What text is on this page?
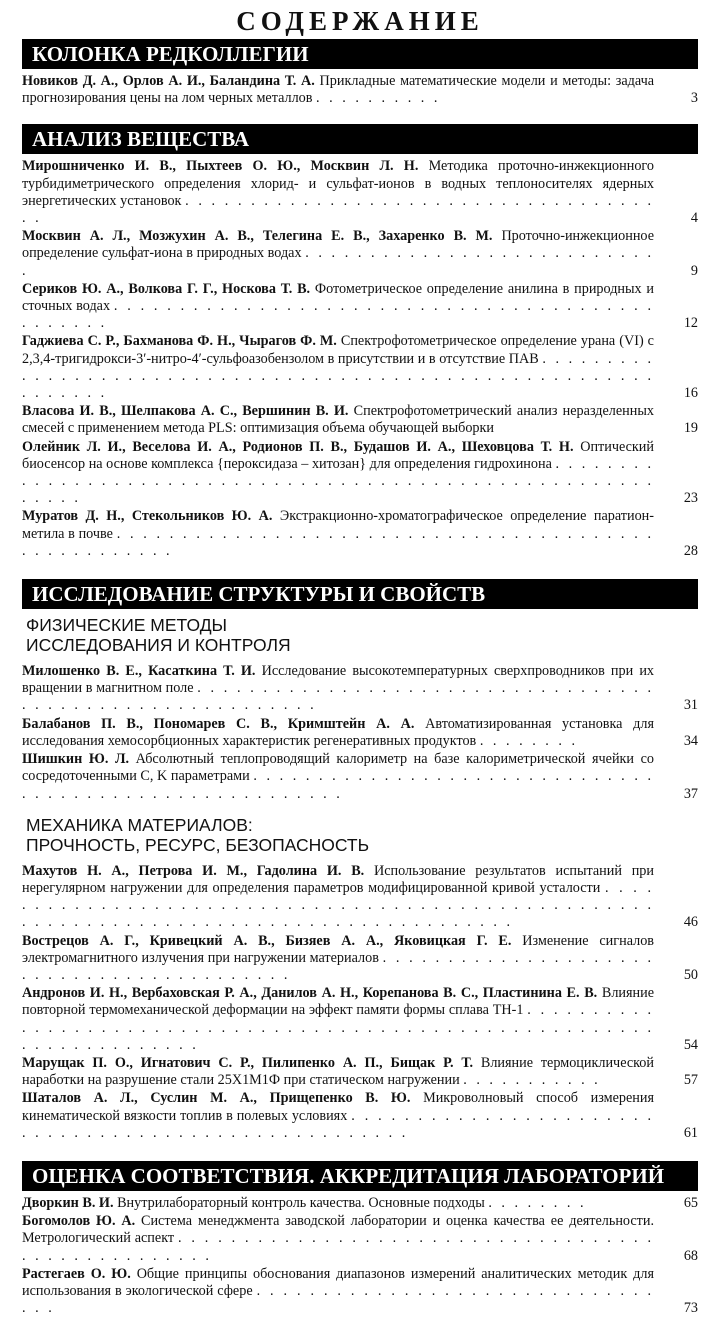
СОДЕРЖАНИЕ
КОЛОНКА РЕДКОЛЛЕГИИ
Новиков Д. А., Орлов А. И., Баландина Т. А. Прикладные математические модели и методы: задача прогнозирования цены на лом черных металлов . . . . . . . . . .	3
АНАЛИЗ ВЕЩЕСТВА
Мирошниченко И. В., Пыхтеев О. Ю., Москвин Л. Н. Методика проточно-инжекционного турбидиметрического определения хлорид- и сульфат-ионов в водных теплоносителях ядерных энергетических установок . . . . . . . . . . . . . . . . . . . . . . . . . . . . . . . . . . . . . .	4
Москвин А. Л., Мозжухин А. В., Телегина Е. В., Захаренко В. М. Проточно-инжекционное определение сульфат-иона в природных водах . . . . . . . . . . . . . . . . . . . . . . . . . . . .	9
Сериков Ю. А., Волкова Г. Г., Носкова Т. В. Фотометрическое определение анилина в природных и сточных водах . . . . . . . . . . . . . . . . . . . . . . . . . . . . . . . . . . . . . . . . . . . . . . . .	12
Гаджиева С. Р., Бахманова Ф. Н., Чырагов Ф. М. Спектрофотометрическое определение урана (VI) с 2,3,4-тригидрокси-3′-нитро-4′-сульфоазобензолом в присутствии и в отсутствие ПАВ . . . . . . . . . . . . . . . . . . . . . . . . . . . . . . . . . . . . . . . . . . . . . . . . . . . . . . . . . . . . . . . .	16
Власова И. В., Шелпакова А. С., Вершинин В. И. Спектрофотометрический анализ неразделенных смесей с применением метода PLS: оптимизация объема обучающей выборки	19
Олейник Л. И., Веселова И. А., Родионов П. В., Будашов И. А., Шеховцова Т. Н. Оптический биосенсор на основе комплекса {пероксидаза – хитозан} для определения гидрохинона . . . . . . . . . . . . . . . . . . . . . . . . . . . . . . . . . . . . . . . . . . . . . . . . . . . . . . . . . . . . .	23
Муратов Д. Н., Стекольников Ю. А. Экстракционно-хроматографическое определение паратион-метила в почве . . . . . . . . . . . . . . . . . . . . . . . . . . . . . . . . . . . . . . . . . . . . . . . . . . . . .	28
ИССЛЕДОВАНИЕ СТРУКТУРЫ И СВОЙСТВ
ФИЗИЧЕСКИЕ МЕТОДЫ
ИССЛЕДОВАНИЯ И КОНТРОЛЯ
Милошенко В. Е., Касаткина Т. И. Исследование высокотемпературных сверхпроводников при их вращении в магнитном поле . . . . . . . . . . . . . . . . . . . . . . . . . . . . . . . . . . . . . . . . . . . . . . . . . . . . . . . . . .	31
Балабанов П. В., Пономарев С. В., Кримштейн А. А. Автоматизированная установка для исследования хемосорбционных характеристик регенеративных продуктов . . . . . . . .	34
Шишкин Ю. Л. Абсолютный теплопроводящий калориметр на базе калориметрической ячейки со сосредоточенными C, K параметрами . . . . . . . . . . . . . . . . . . . . . . . . . . . . . . . . . . . . . . . . . . . . . . . . . . . . . . . .	37
МЕХАНИКА МАТЕРИАЛОВ:
ПРОЧНОСТЬ, РЕСУРС, БЕЗОПАСНОСТЬ
Махутов Н. А., Петрова И. М., Гадолина И. В. Использование результатов испытаний при нерегулярном нагружении для определения параметров модифицированной кривой усталости . . . . . . . . . . . . . . . . . . . . . . . . . . . . . . . . . . . . . . . . . . . . . . . . . . . . . . . . . . . . . . . . . . . . . . . . . . . . . . . . . . . . . . . . . .	46
Вострецов А. Г., Кривецкий А. В., Бизяев А. А., Яковицкая Г. Е. Изменение сигналов электромагнитного излучения при нагружении материалов . . . . . . . . . . . . . . . . . . . . . . . . . . . . . . . . . . . . . . . . . .	50
Андронов И. Н., Вербаховская Р. А., Данилов А. Н., Корепанова В. С., Пластинина Е. В. Влияние повторной термомеханической деформации на эффект памяти формы сплава ТН-1 . . . . . . . . . . . . . . . . . . . . . . . . . . . . . . . . . . . . . . . . . . . . . . . . . . . . . . . . . . . . . . . . . . . . . . . .	54
Марущак П. О., Игнатович С. Р., Пилипенко А. П., Бищак Р. Т. Влияние термоциклической наработки на разрушение стали 25Х1М1Ф при статическом нагружении . . . . . . . . . . .	57
Шаталов А. Л., Суслин М. А., Прищепенко В. Ю. Микроволновый способ измерения кинематической вязкости топлив в полевых условиях . . . . . . . . . . . . . . . . . . . . . . . . . . . . . . . . . . . . . . . . . . . . . . . . . . . . .	61
ОЦЕНКА СООТВЕТСТВИЯ. АККРЕДИТАЦИЯ ЛАБОРАТОРИЙ
Дворкин В. И. Внутрилабораторный контроль качества. Основные подходы . . . . . . . .	65
Богомолов Ю. А. Система менеджмента заводской лаборатории и оценка качества ее деятельности. Метрологический аспект . . . . . . . . . . . . . . . . . . . . . . . . . . . . . . . . . . . . . . . . . . . . . . . . . . .	68
Растегаев О. Ю. Общие принципы обоснования диапазонов измерений аналитических методик для использования в экологической сфере . . . . . . . . . . . . . . . . . . . . . . . . . . . . . . . . .	73
